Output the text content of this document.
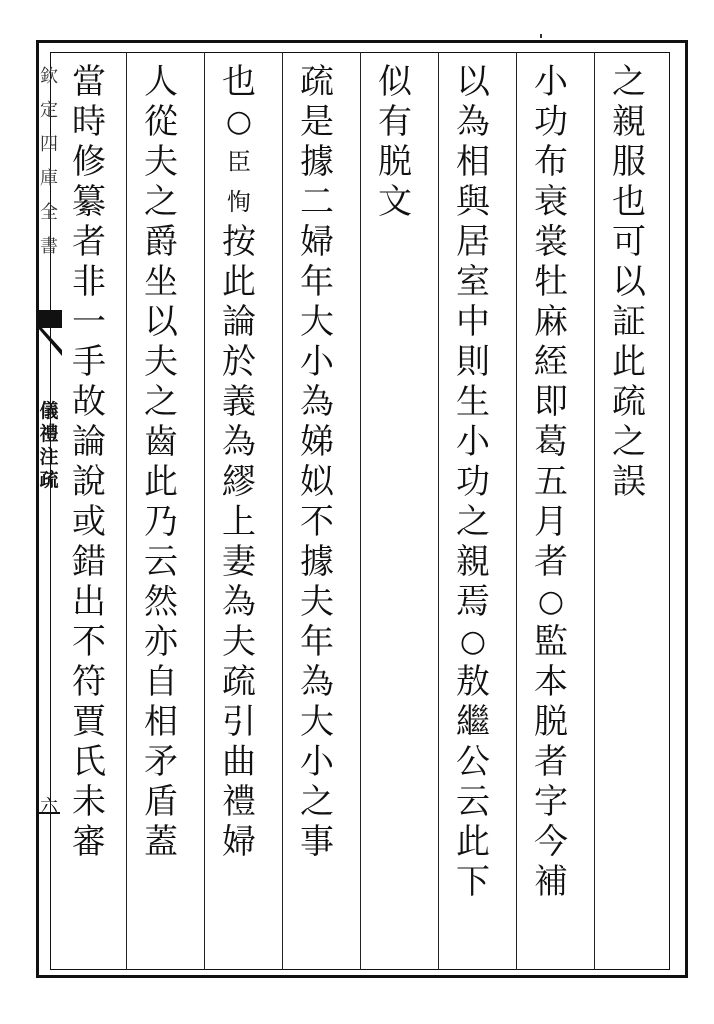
欽
定
四
庫
全
書
儀
禮
注
疏
六
之
親
服
也
可
以
証
此
疏
之
誤
小
功
布
衰
裳
牡
麻
絰
即
葛
五
月
者
○
監
本
脱
者
字
今
補
以
為
相
與
居
室
中
則
生
小
功
之
親
焉
○
敖
繼
公
云
此
下
似
有
脱
文
疏
是
據
二
婦
年
大
小
為
娣
姒
不
據
夫
年
為
大
小
之
事
也
○
臣
恂
按
此
論
於
義
為
繆
上
妻
為
夫
疏
引
曲
禮
婦
人
從
夫
之
爵
坐
以
夫
之
齒
此
乃
云
然
亦
自
相
矛
盾
蓋
當
時
修
纂
者
非
一
手
故
論
說
或
錯
出
不
符
賈
氏
未
審
